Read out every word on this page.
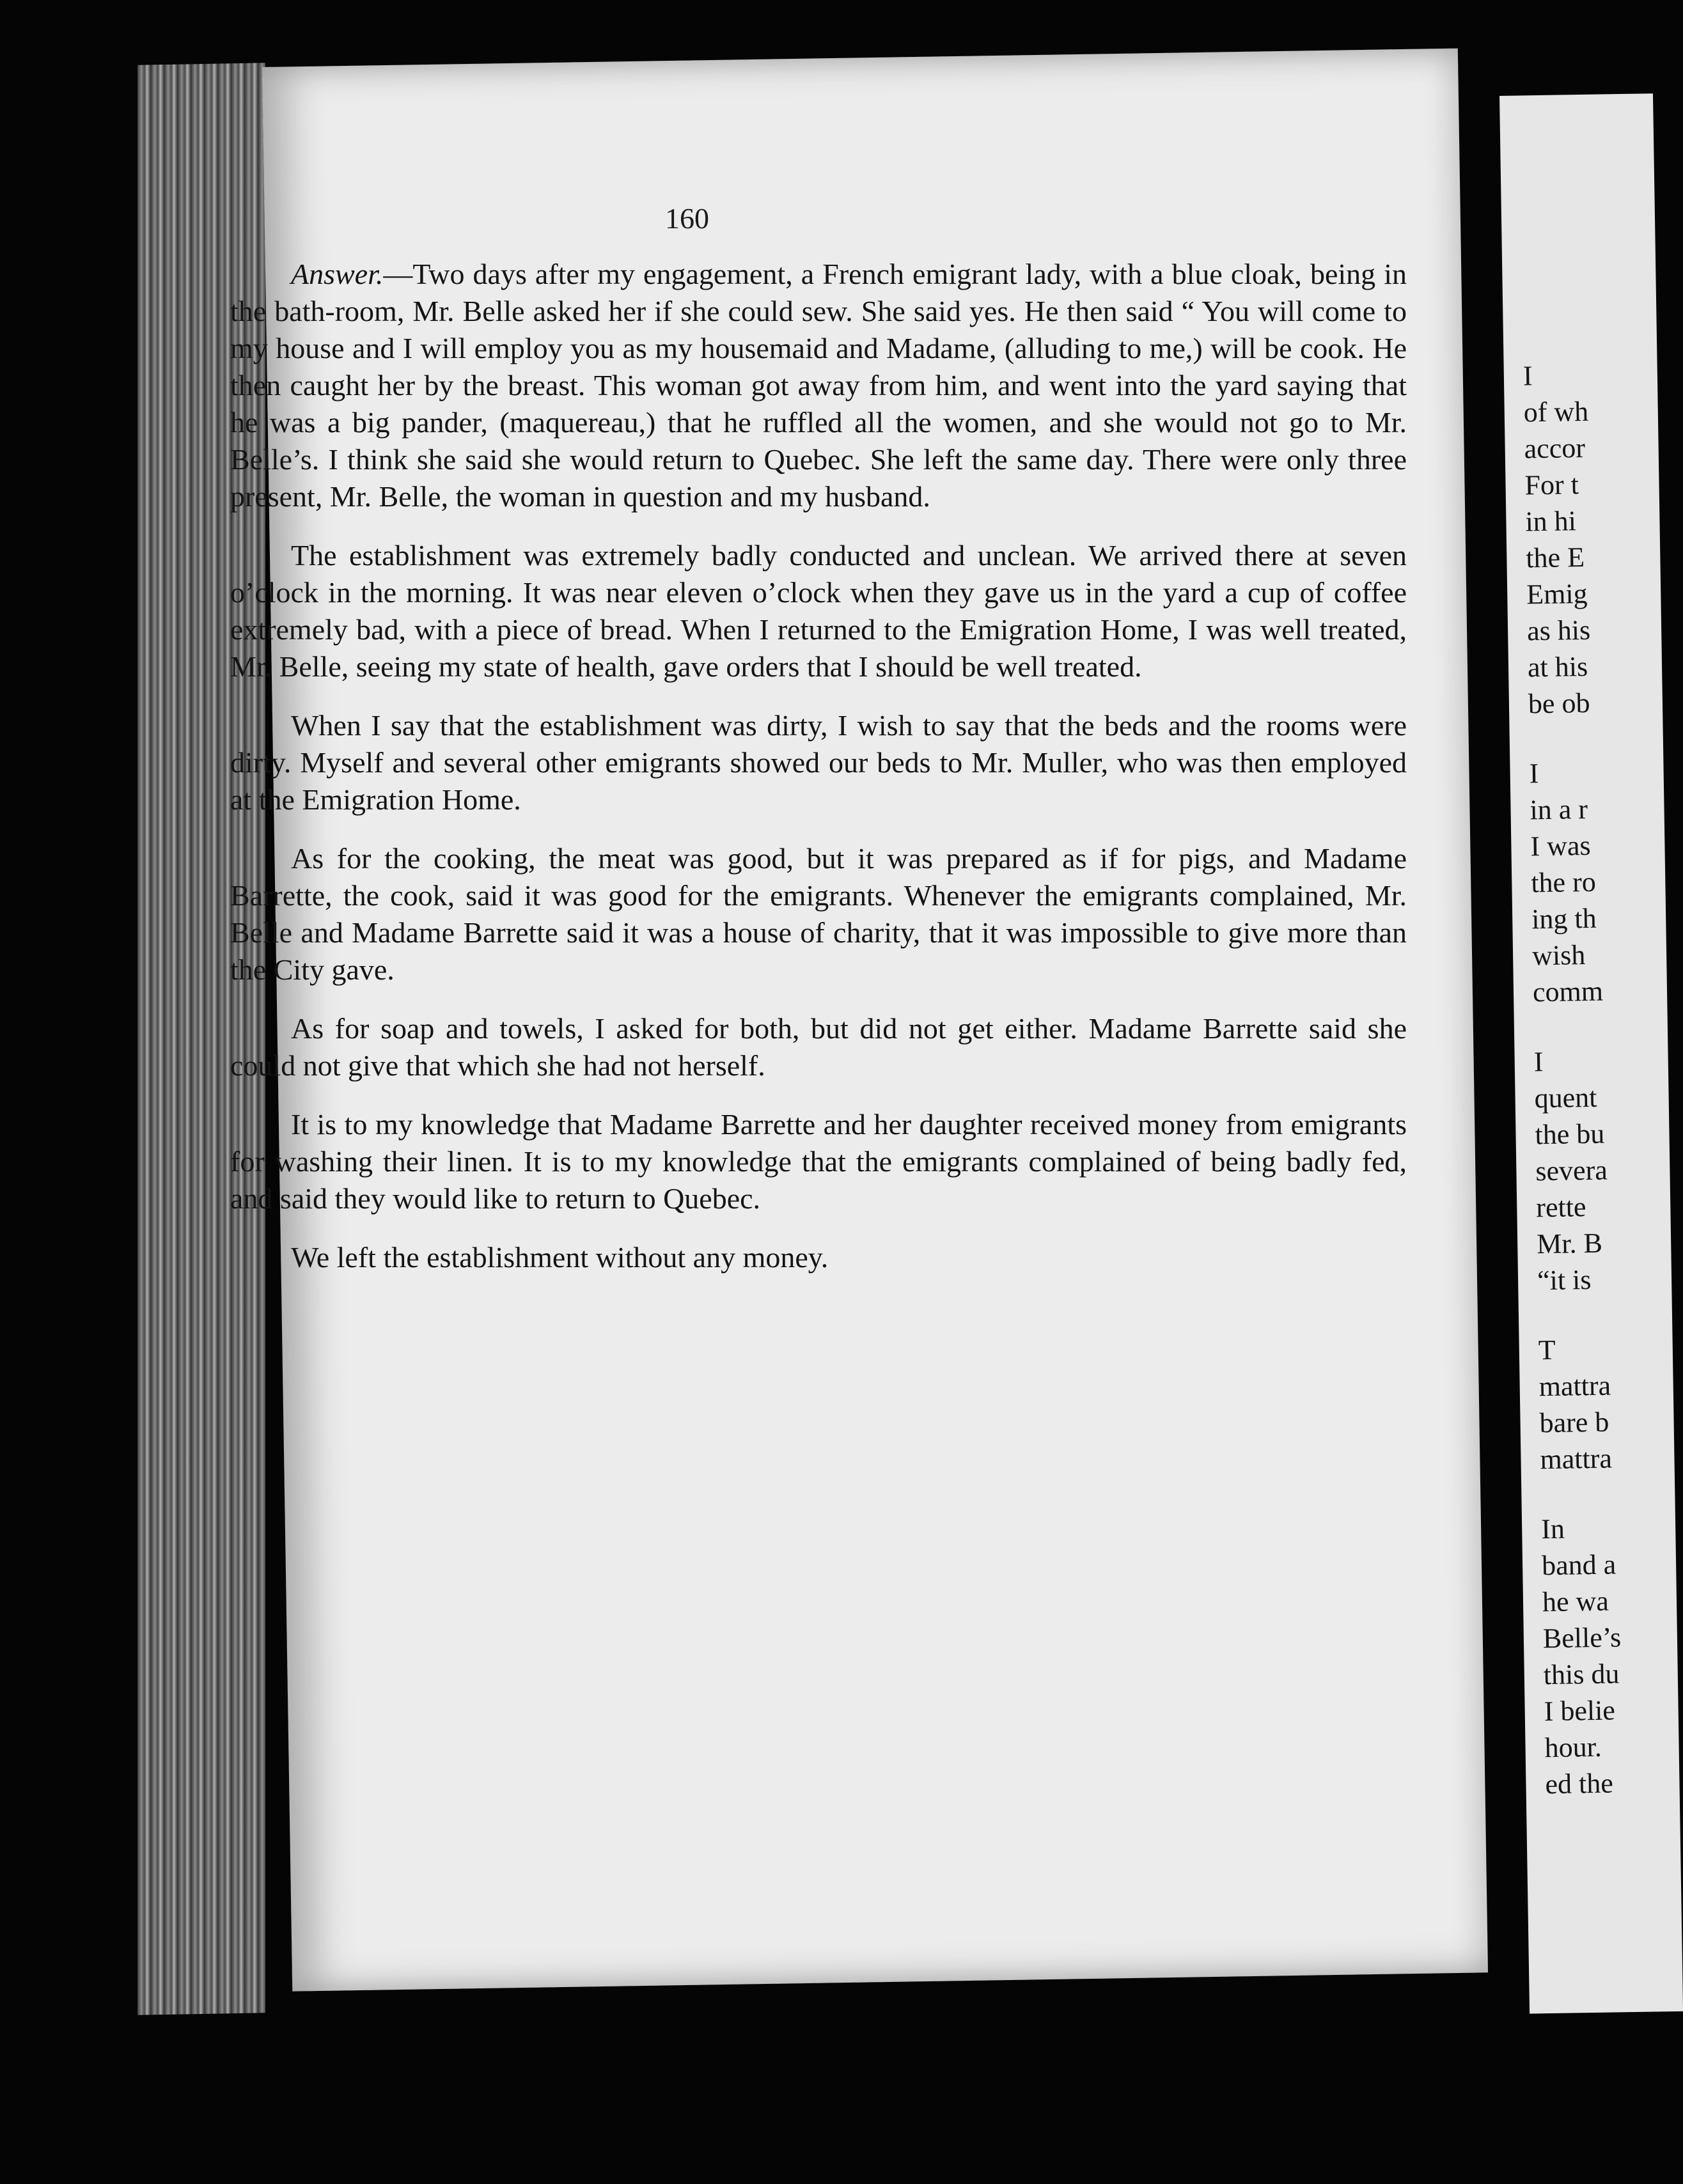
160

Answer.—Two days after my engagement, a French emigrant lady, with a blue cloak, being in the bath-room, Mr. Belle asked her if she could sew. She said yes. He then said “ You will come to my house and I will employ you as my housemaid and Madame, (alluding to me,) will be cook. He then caught her by the breast. This woman got away from him, and went into the yard saying that he was a big pander, (maquereau,) that he ruffled all the women, and she would not go to Mr. Belle’s. I think she said she would return to Quebec. She left the same day. There were only three present, Mr. Belle, the woman in question and my husband.

The establishment was extremely badly conducted and unclean. We arrived there at seven o’clock in the morning. It was near eleven o’clock when they gave us in the yard a cup of coffee extremely bad, with a piece of bread. When I returned to the Emigration Home, I was well treated, Mr. Belle, seeing my state of health, gave orders that I should be well treated.

When I say that the establishment was dirty, I wish to say that the beds and the rooms were dirty. Myself and several other emigrants showed our beds to Mr. Muller, who was then employed at the Emigration Home.

As for the cooking, the meat was good, but it was prepared as if for pigs, and Madame Barrette, the cook, said it was good for the emigrants. Whenever the emigrants complained, Mr. Belle and Madame Barrette said it was a house of charity, that it was impossible to give more than the City gave.

As for soap and towels, I asked for both, but did not get either. Madame Barrette said she could not give that which she had not herself.

It is to my knowledge that Madame Barrette and her daughter received money from emigrants for washing their linen. It is to my knowledge that the emigrants complained of being badly fed, and said they would like to return to Quebec.

We left the establishment without any money.

I
of wh
accor
For t
in hi
the E
Emig
as his
at his
be ob
I
in a r
I was
the ro
ing th
wish
comm
I
quent
the bu
severa
rette
Mr. B
“it is
T
mattra
bare b
mattra
In
band a
he wa
Belle’s
this du
I belie
hour.
ed the
